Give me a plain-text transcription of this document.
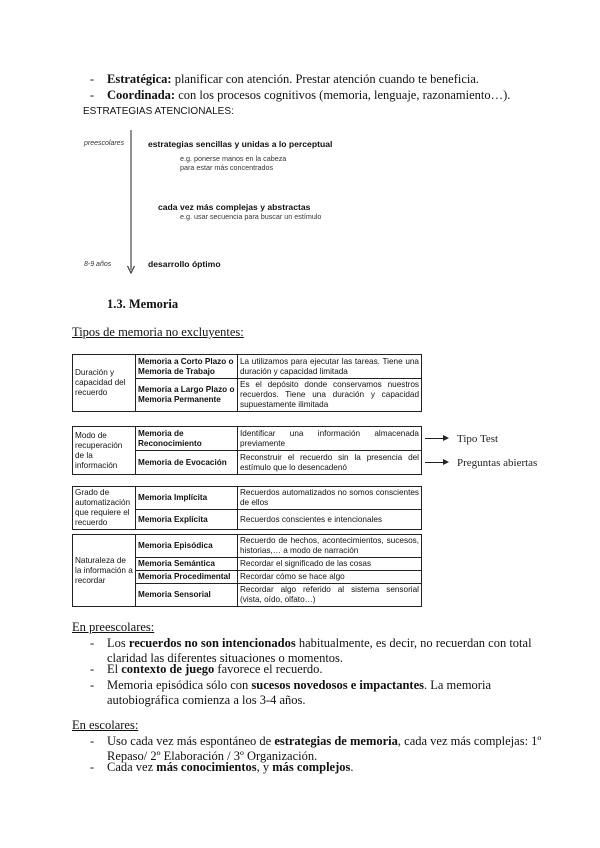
- Estratégica: planificar con atención. Prestar atención cuando te beneficia.
- Coordinada: con los procesos cognitivos (memoria, lenguaje, razonamiento…).
ESTRATEGIAS ATENCIONALES:
preescolares
8-9 años
estrategias sencillas y unidas a lo perceptual
e.g. ponerse manos en la cabeza
para estar más concentrados
cada vez más complejas y abstractas
e.g. usar secuencia para buscar un estímulo
desarrollo óptimo
1.3. Memoria
Tipos de memoria no excluyentes:
Duración y capacidad del recuerdo	Memoria a Corto Plazo o Memoria de Trabajo	La utilizamos para ejecutar las tareas. Tiene una duración y capacidad limitada
	Memoria a Largo Plazo o Memoria Permanente	Es el depósito donde conservamos nuestros recuerdos. Tiene una duración y capacidad supuestamente ilimitada
Modo de recuperación de la información	Memoria de Reconocimiento	Identificar una información almacenada previamente
	Memoria de Evocación	Reconstruir el recuerdo sin la presencia del estímulo que lo desencadenó
Tipo Test
Preguntas abiertas
Grado de automatización que requiere el recuerdo	Memoria Implícita	Recuerdos automatizados no somos conscientes de ellos
	Memoria Explícita	Recuerdos conscientes e intencionales
Naturaleza de la información a recordar	Memoria Episódica	Recuerdo de hechos, acontecimientos, sucesos, historias,… a modo de narración
	Memoria Semántica	Recordar el significado de las cosas
	Memoria Procedimental	Recordar cómo se hace algo
	Memoria Sensorial	Recordar algo referido al sistema sensorial (vista, oído, olfato…)
En preescolares:
- Los recuerdos no son intencionados habitualmente, es decir, no recuerdan con total claridad las diferentes situaciones o momentos.
- El contexto de juego favorece el recuerdo.
- Memoria episódica sólo con sucesos novedosos e impactantes. La memoria autobiográfica comienza a los 3-4 años.
En escolares:
- Uso cada vez más espontáneo de estrategias de memoria, cada vez más complejas: 1º Repaso/ 2º Elaboración / 3º Organización.
- Cada vez más conocimientos, y más complejos.
